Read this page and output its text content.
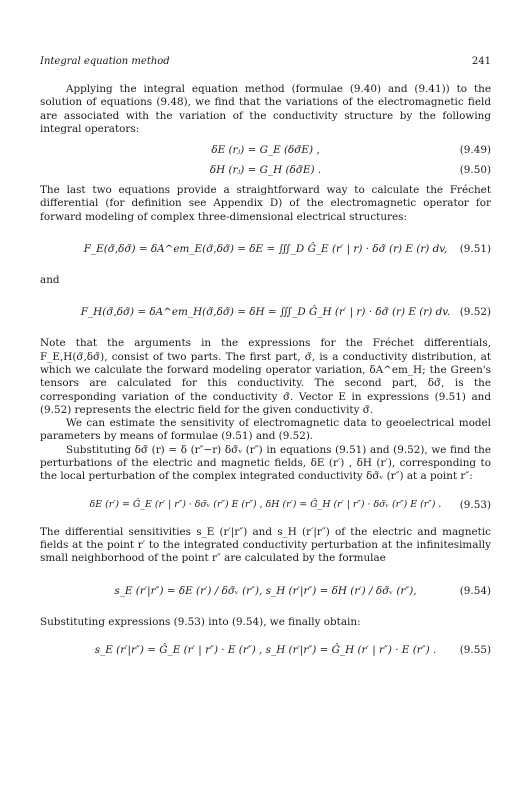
Integral equation method	241

Applying the integral equation method (formulae (9.40) and (9.41)) to the solution of equations (9.48), we find that the variations of the electromagnetic field are associated with the variation of the conductivity structure by the following integral operators:

δE (rⱼ) = G_E (δσ̃E) ,	(9.49)
δH (rⱼ) = G_H (δσ̃E) .	(9.50)

The last two equations provide a straightforward way to calculate the Fréchet differential (for definition see Appendix D) of the electromagnetic operator for forward modeling of complex three-dimensional electrical structures:

F_E(σ̃,δσ̃) = δA^em_E(σ̃,δσ̃) = δE = ∭_D Ĝ_E (r′ | r) · δσ̃ (r) E (r) dv, (9.51)

and

F_H(σ̃,δσ̃) = δA^em_H(σ̃,δσ̃) = δH = ∭_D Ĝ_H (r′ | r) · δσ̃ (r) E (r) dv. (9.52)

Note that the arguments in the expressions for the Fréchet differentials, F_E,H(σ̃,δσ̃), consist of two parts. The first part, σ̃, is a conductivity distribution, at which we calculate the forward modeling operator variation, δA^em_H; the Green's tensors are calculated for this conductivity. The second part, δσ̃, is the corresponding variation of the conductivity σ̃. Vector E in expressions (9.51) and (9.52) represents the electric field for the given conductivity σ̃.

We can estimate the sensitivity of electromagnetic data to geoelectrical model parameters by means of formulae (9.51) and (9.52).

Substituting δσ̃ (r) = δ (r″−r) δσ̃ᵥ (r″) in equations (9.51) and (9.52), we find the perturbations of the electric and magnetic fields, δE (r′) , δH (r′), corresponding to the local perturbation of the complex integrated conductivity δσ̃ᵥ (r″) at a point r″:

δE (r′) = Ĝ_E (r′ | r″) · δσ̃ᵥ (r″) E (r″) , δH (r′) = Ĝ_H (r′ | r″) · δσ̃ᵥ (r″) E (r″) . (9.53)

The differential sensitivities s_E (r′|r″) and s_H (r′|r″) of the electric and magnetic fields at the point r′ to the integrated conductivity perturbation at the infinitesimally small neighborhood of the point r″ are calculated by the formulae

s_E (r′|r″) = δE (r′) / δσ̃ᵥ (r″), s_H (r′|r″) = δH (r′) / δσ̃ᵥ (r″),	(9.54)

Substituting expressions (9.53) into (9.54), we finally obtain:

s_E (r′|r″) = Ĝ_E (r′ | r″) · E (r″) , s_H (r′|r″) = Ĝ_H (r′ | r″) · E (r″) . (9.55)
